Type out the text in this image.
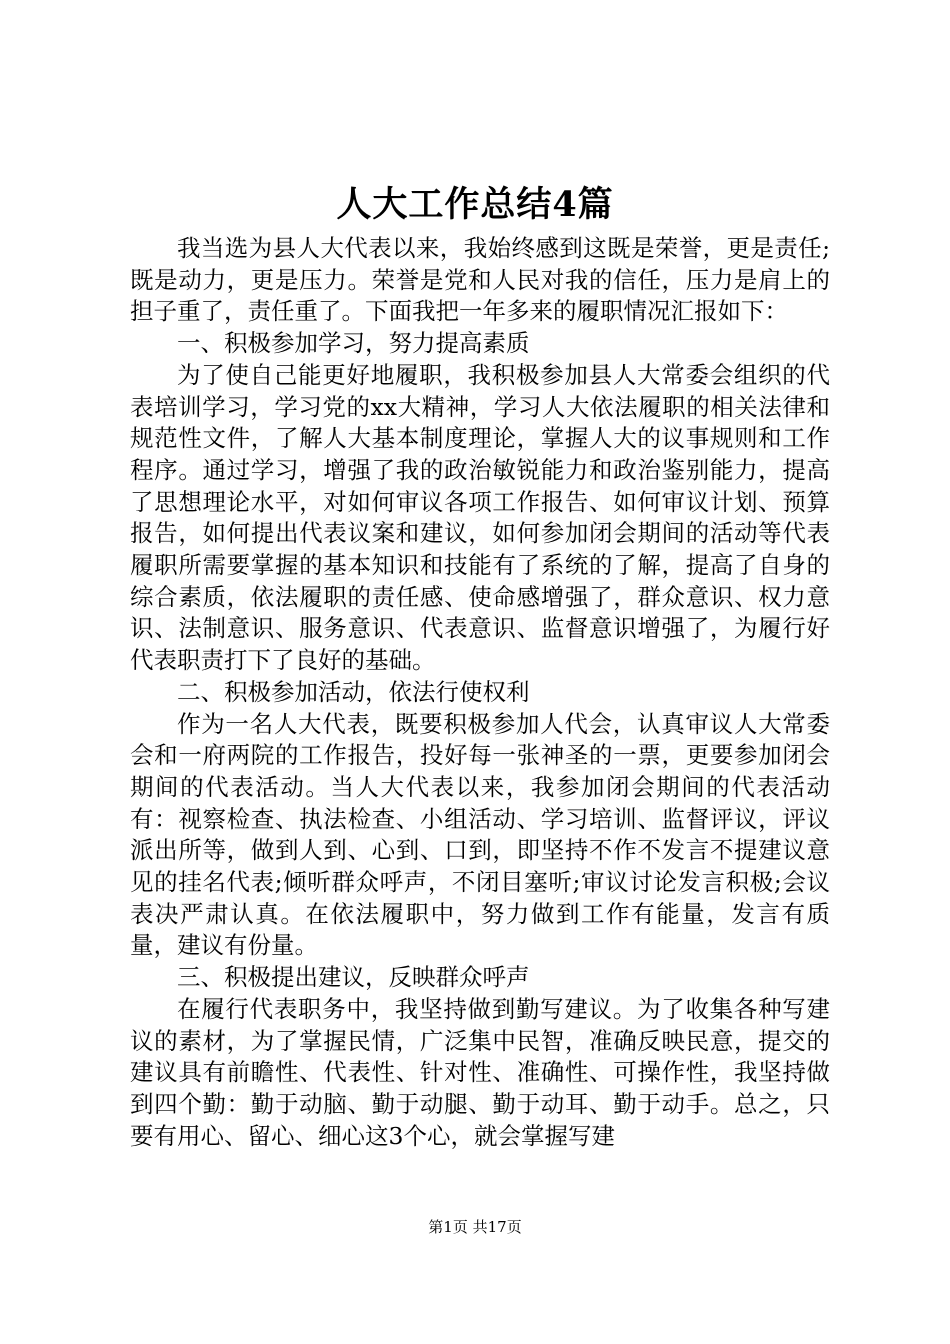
人大工作总结4篇

我当选为县人大代表以来，我始终感到这既是荣誉，更是责任;既是动力，更是压力。荣誉是党和人民对我的信任，压力是肩上的担子重了，责任重了。下面我把一年多来的履职情况汇报如下：

一、积极参加学习，努力提高素质

为了使自己能更好地履职，我积极参加县人大常委会组织的代表培训学习，学习党的xx大精神，学习人大依法履职的相关法律和规范性文件，了解人大基本制度理论，掌握人大的议事规则和工作程序。通过学习，增强了我的政治敏锐能力和政治鉴别能力，提高了思想理论水平，对如何审议各项工作报告、如何审议计划、预算报告，如何提出代表议案和建议，如何参加闭会期间的活动等代表履职所需要掌握的基本知识和技能有了系统的了解，提高了自身的综合素质，依法履职的责任感、使命感增强了，群众意识、权力意识、法制意识、服务意识、代表意识、监督意识增强了，为履行好代表职责打下了良好的基础。

二、积极参加活动，依法行使权利

作为一名人大代表，既要积极参加人代会，认真审议人大常委会和一府两院的工作报告，投好每一张神圣的一票，更要参加闭会期间的代表活动。当人大代表以来，我参加闭会期间的代表活动有：视察检查、执法检查、小组活动、学习培训、监督评议，评议派出所等，做到人到、心到、口到，即坚持不作不发言不提建议意见的挂名代表;倾听群众呼声，不闭目塞听;审议讨论发言积极;会议表决严肃认真。在依法履职中，努力做到工作有能量，发言有质量，建议有份量。

三、积极提出建议，反映群众呼声

在履行代表职务中，我坚持做到勤写建议。为了收集各种写建议的素材，为了掌握民情，广泛集中民智，准确反映民意，提交的建议具有前瞻性、代表性、针对性、准确性、可操作性，我坚持做到四个勤：勤于动脑、勤于动腿、勤于动耳、勤于动手。总之，只要有用心、留心、细心这3个心，就会掌握写建

第1页 共17页
